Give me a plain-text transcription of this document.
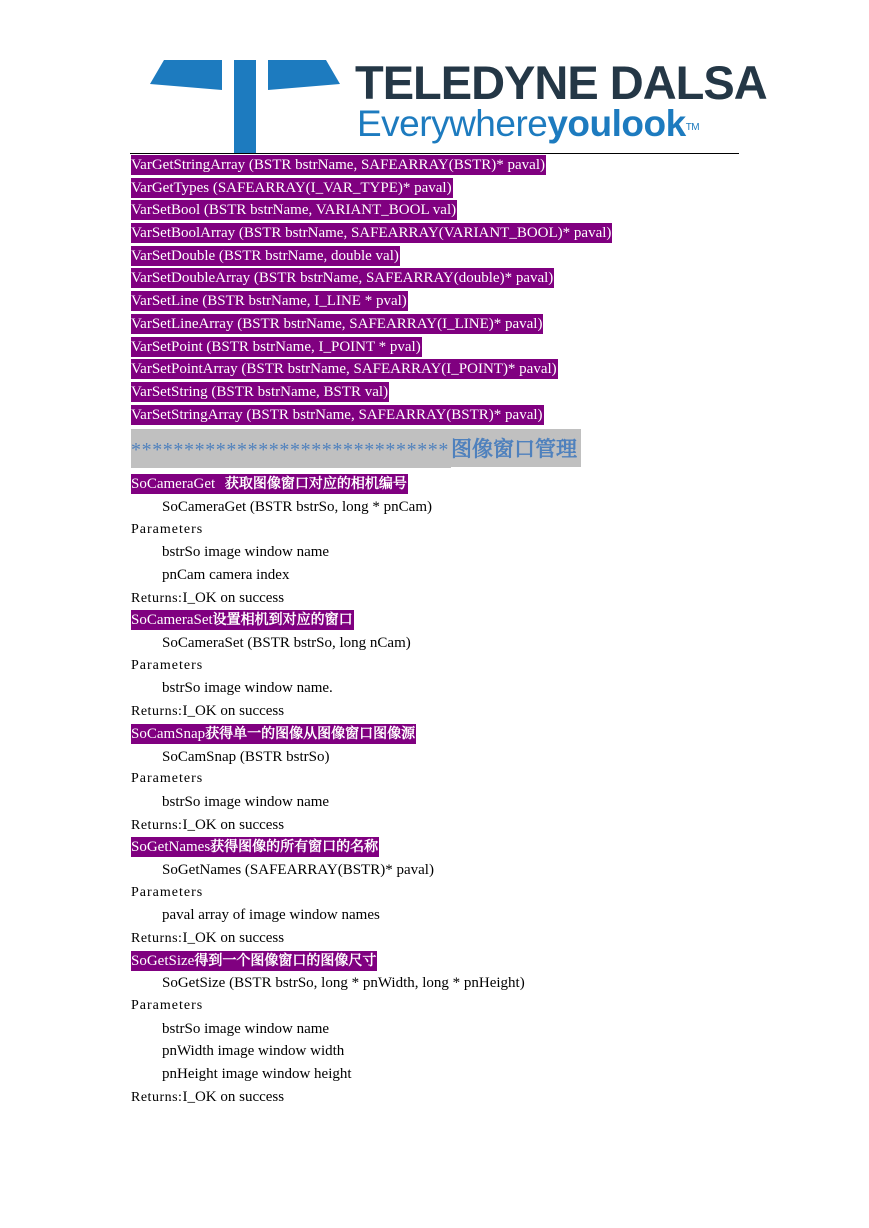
TELEDYNE DALSA
Everywhereyoulook™
VarGetStringArray (BSTR bstrName, SAFEARRAY(BSTR)* paval)
VarGetTypes (SAFEARRAY(I_VAR_TYPE)* paval)
VarSetBool (BSTR bstrName, VARIANT_BOOL val)
VarSetBoolArray (BSTR bstrName, SAFEARRAY(VARIANT_BOOL)* paval)
VarSetDouble (BSTR bstrName, double val)
VarSetDoubleArray (BSTR bstrName, SAFEARRAY(double)* paval)
VarSetLine (BSTR bstrName, I_LINE * pval)
VarSetLineArray (BSTR bstrName, SAFEARRAY(I_LINE)* paval)
VarSetPoint (BSTR bstrName, I_POINT * pval)
VarSetPointArray (BSTR bstrName, SAFEARRAY(I_POINT)* paval)
VarSetString (BSTR bstrName, BSTR val)
VarSetStringArray (BSTR bstrName, SAFEARRAY(BSTR)* paval)
******************************图像窗口管理
SoCameraGet  获取图像窗口对应的相机编号
SoCameraGet (BSTR bstrSo, long * pnCam)
Parameters
bstrSo image window name
pnCam camera index
Returns:I_OK on success
SoCameraSet设置相机到对应的窗口
SoCameraSet (BSTR bstrSo, long nCam)
Parameters
bstrSo image window name.
Returns:I_OK on success
SoCamSnap获得单一的图像从图像窗口图像源
SoCamSnap (BSTR bstrSo)
Parameters
bstrSo image window name
Returns:I_OK on success
SoGetNames获得图像的所有窗口的名称
SoGetNames (SAFEARRAY(BSTR)* paval)
Parameters
paval array of image window names
Returns:I_OK on success
SoGetSize得到一个图像窗口的图像尺寸
SoGetSize (BSTR bstrSo, long * pnWidth, long * pnHeight)
Parameters
bstrSo image window name
pnWidth image window width
pnHeight image window height
Returns:I_OK on success
